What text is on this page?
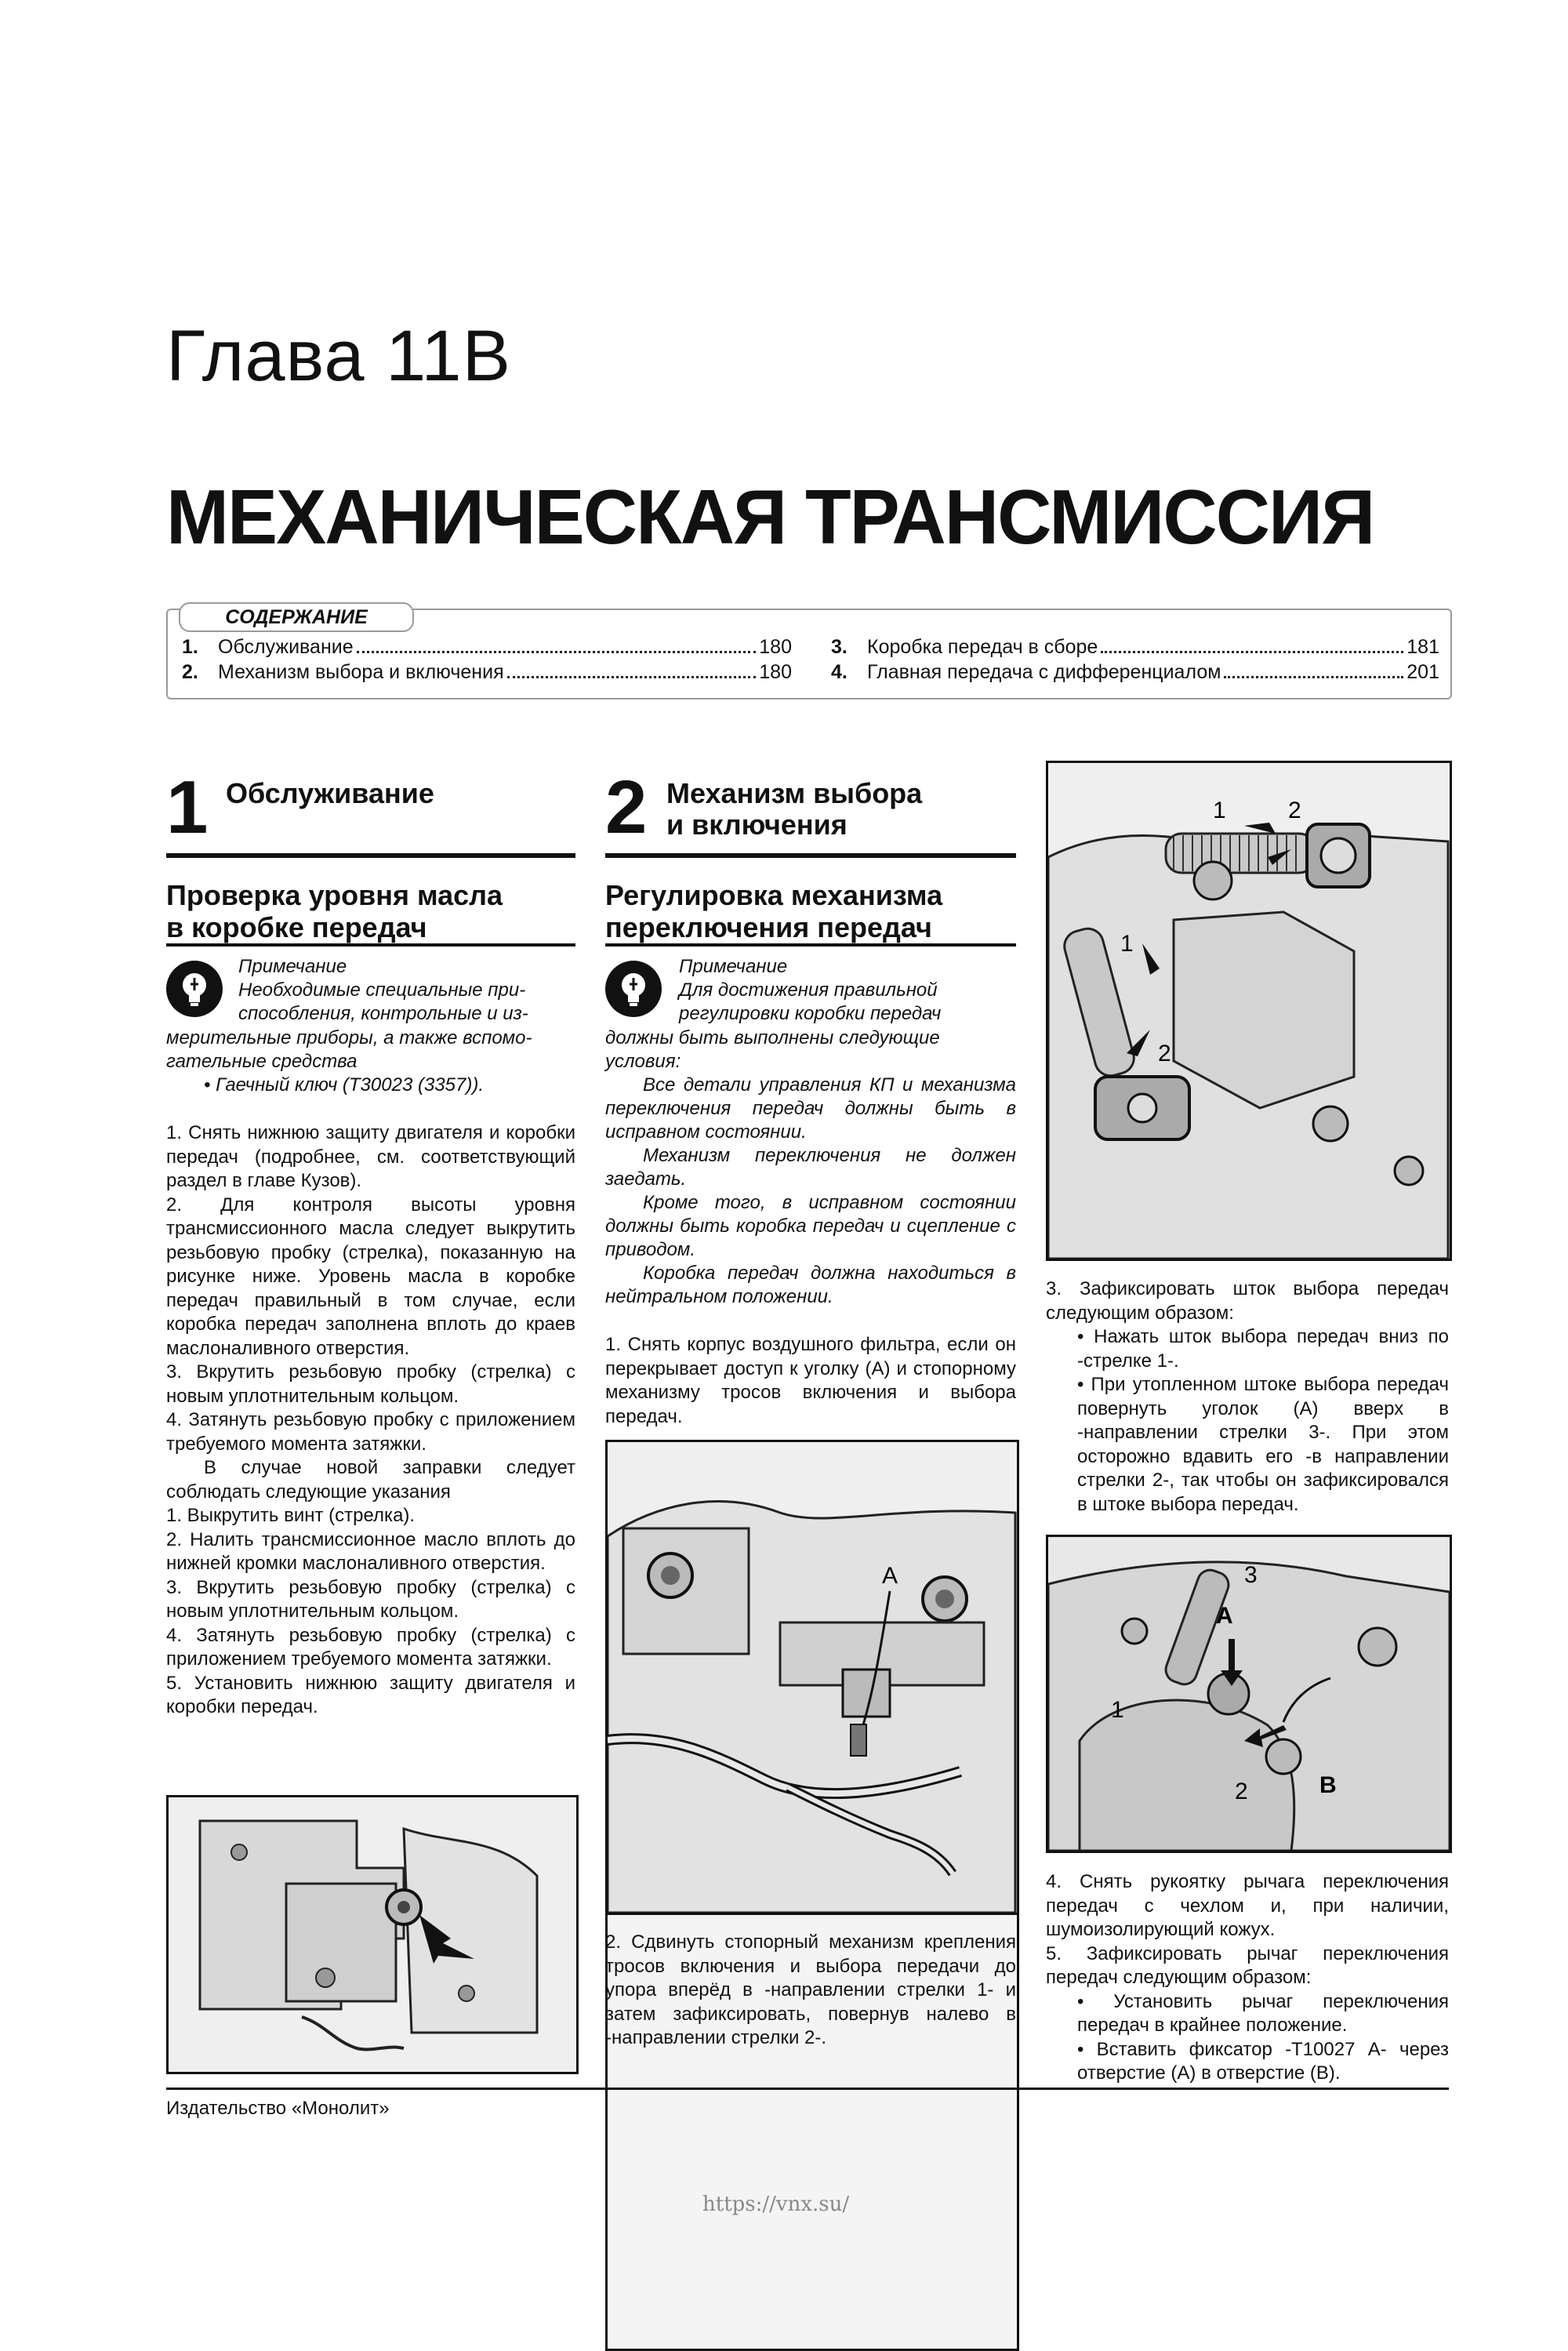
Глава 11В
МЕХАНИЧЕСКАЯ ТРАНСМИССИЯ
СОДЕРЖАНИЕ
1.	Обслуживание	180
2.	Механизм выбора и включения	180
3.	Коробка передач в сборе	181
4.	Главная передача с дифференциалом	201
1 Обслуживание
Проверка уровня масла
в коробке передач
Примечание
Необходимые специальные при-
способления, контрольные и из-
мерительные приборы, а также вспомо-
гательные средства
• Гаечный ключ (T30023 (3357)).

1. Снять нижнюю защиту двигателя и коробки передач (подробнее, см. соответствующий раздел в главе Кузов).

2. Для контроля высоты уровня трансмиссионного масла следует выкрутить резьбовую пробку (стрелка), показанную на рисунке ниже. Уровень масла в коробке передач правильный в том случае, если коробка передач заполнена вплоть до краев маслоналивного отверстия.

3. Вкрутить резьбовую пробку (стрелка) с новым уплотнительным кольцом.

4. Затянуть резьбовую пробку с приложением требуемого момента затяжки.

В случае новой заправки следует соблюдать следующие указания

1. Выкрутить винт (стрелка).

2. Налить трансмиссионное масло вплоть до нижней кромки маслоналивного отверстия.

3. Вкрутить резьбовую пробку (стрелка) с новым уплотнительным кольцом.

4. Затянуть резьбовую пробку (стрелка) с приложением требуемого момента затяжки.

5. Установить нижнюю защиту двигателя и коробки передач.

2 Механизм выбора
и включения
Регулировка механизма
переключения передач
Примечание
Для достижения правильной
регулировки коробки передач
должны быть выполнены следующие
условия:
Все детали управления КП и механизма переключения передач должны быть в исправном состоянии.
Механизм переключения не должен заедать.
Кроме того, в исправном состоянии должны быть коробка передач и сцепление с приводом.
Коробка передач должна находиться в нейтральном положении.
1. Снять корпус воздушного фильтра, если он перекрывает доступ к уголку (А) и стопорному механизму тросов включения и выбора передач.
2. Сдвинуть стопорный механизм крепления тросов включения и выбора передачи до упора вперёд в -направлении стрелки 1- и затем зафиксировать, повернув налево в -направлении стрелки 2-.
1	2
1
2

3. Зафиксировать шток выбора передач следующим образом:

• Нажать шток выбора передач вниз по -стрелке 1-.

• При утопленном штоке выбора передач повернуть уголок (А) вверх в -направлении стрелки 3-. При этом осторожно вдавить его -в направлении стрелки 2-, так чтобы он зафиксировался в штоке выбора передач.

A
3
1
2	B

4. Снять рукоятку рычага переключения передач с чехлом и, при наличии, шумоизолирующий кожух.

5. Зафиксировать рычаг переключения передач следующим образом:

• Установить рычаг переключения передач в крайнее положение.

• Вставить фиксатор -T10027 А- через отверстие (А) в отверстие (В).

A
Издательство «Монолит»
https://vnx.su/
